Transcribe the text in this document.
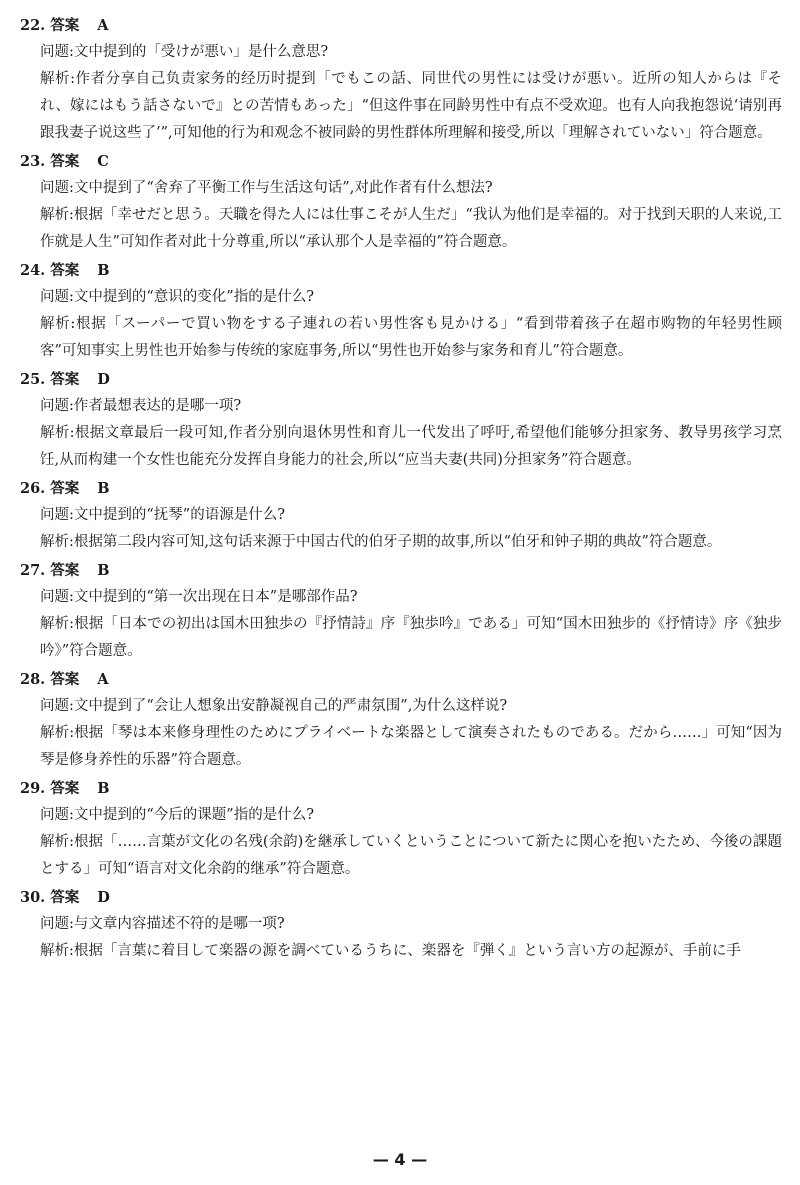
22. 答案 A
问题:文中提到的「受けが悪い」是什么意思?
解析:作者分享自己负责家务的经历时提到「でもこの話、同世代の男性には受けが悪い。近所の知人からは『それ、嫁にはもう話さないで』との苦情もあった」“但这件事在同龄男性中有点不受欢迎。也有人向我抱怨说‘请别再跟我妻子说这些了’”,可知他的行为和观念不被同龄的男性群体所理解和接受,所以「理解されていない」符合题意。
23. 答案 C
问题:文中提到了“舍弃了平衡工作与生活这句话”,对此作者有什么想法?
解析:根据「幸せだと思う。天職を得た人には仕事こそが人生だ」“我认为他们是幸福的。对于找到天职的人来说,工作就是人生”可知作者对此十分尊重,所以“承认那个人是幸福的”符合题意。
24. 答案 B
问题:文中提到的“意识的变化”指的是什么?
解析:根据「スーパーで買い物をする子連れの若い男性客も見かける」“看到带着孩子在超市购物的年轻男性顾客”可知事实上男性也开始参与传统的家庭事务,所以“男性也开始参与家务和育儿”符合题意。
25. 答案 D
问题:作者最想表达的是哪一项?
解析:根据文章最后一段可知,作者分别向退休男性和育儿一代发出了呼吁,希望他们能够分担家务、教导男孩学习烹饪,从而构建一个女性也能充分发挥自身能力的社会,所以“应当夫妻(共同)分担家务”符合题意。
26. 答案 B
问题:文中提到的“抚琴”的语源是什么?
解析:根据第二段内容可知,这句话来源于中国古代的伯牙子期的故事,所以“伯牙和钟子期的典故”符合题意。
27. 答案 B
问题:文中提到的“第一次出现在日本”是哪部作品?
解析:根据「日本での初出は国木田独歩の『抒情詩』序『独歩吟』である」可知“国木田独步的《抒情诗》序《独步吟》”符合题意。
28. 答案 A
问题:文中提到了“会让人想象出安静凝视自己的严肃氛围”,为什么这样说?
解析:根据「琴は本来修身理性のためにプライベートな楽器として演奏されたものである。だから……」可知“因为琴是修身养性的乐器”符合题意。
29. 答案 B
问题:文中提到的“今后的课题”指的是什么?
解析:根据「……言葉が文化の名残(余韵)を継承していくということについて新たに関心を抱いたため、今後の課題とする」可知“语言对文化余韵的继承”符合题意。
30. 答案 D
问题:与文章内容描述不符的是哪一项?
解析:根据「言葉に着目して楽器の源を調べているうちに、楽器を『弾く』という言い方の起源が、手前に手
— 4 —
